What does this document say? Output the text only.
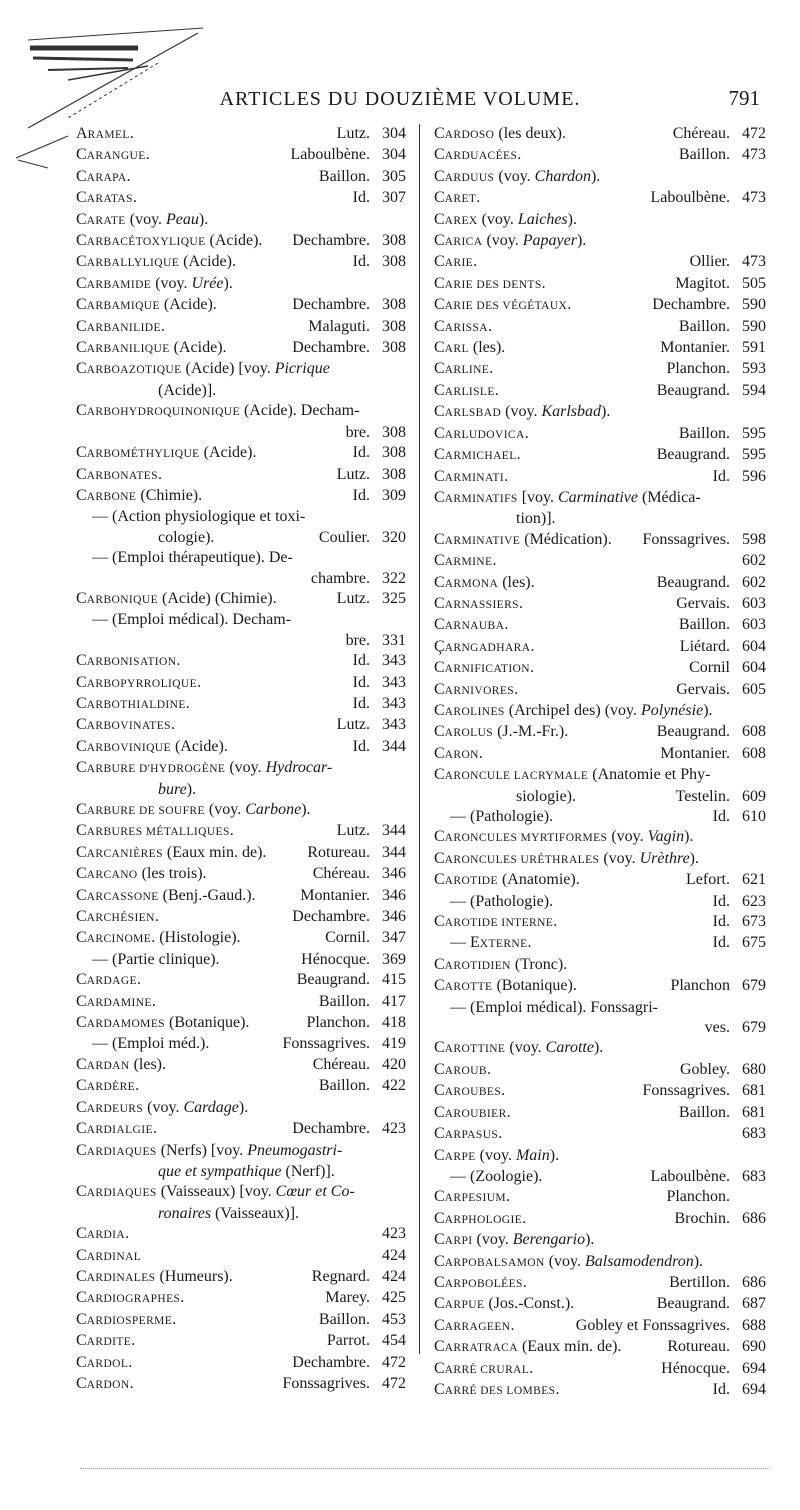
ARTICLES DU DOUZIÈME VOLUME.	791
ARAMEL.	Lutz. 304
CARANGUE.	Laboulbène. 304
CARAPA.	Baillon. 305
CARATAS.	Id. 307
CARATE (voy. Peau).
CARBACÉTOXYLIQUE (Acide).	Dechambre. 308
CARBALLYLIQUE (Acide).	Id. 308
CARBAMIDE (voy. Urée).
CARBAMIQUE (Acide).	Dechambre. 308
CARBANILIDE.	Malaguti. 308
CARBANILIQUE (Acide).	Dechambre. 308
CARBOAZOTIQUE (Acide) [voy. Picrique
(Acide)].
CARBOHYDROQUINONIQUE (Acide). Decham-
bre. 308
CARBOMÉTHYLIQUE (Acide).	Id. 308
CARBONATES.	Lutz. 308
CARBONE (Chimie).	Id. 309
— (Action physiologique et toxi-
cologie).	Coulier. 320
— (Emploi thérapeutique). De-
chambre. 322
CARBONIQUE (Acide) (Chimie).	Lutz. 325
— (Emploi médical). Decham-
bre. 331
CARBONISATION.	Id. 343
CARBOPYRROLIQUE.	Id. 343
CARBOTHIALDINE.	Id. 343
CARBOVINATES.	Lutz. 343
CARBOVINIQUE (Acide).	Id. 344
CARBURE D'HYDROGÈNE (voy. Hydrocar-
bure).
CARBURE DE SOUFRE (voy. Carbone).
CARBURES MÉTALLIQUES.	Lutz. 344
CARCANIÈRES (Eaux min. de).	Rotureau. 344
CARCANO (les trois).	Chéreau. 346
CARCASSONE (Benj.-Gaud.).	Montanier. 346
CARCHÉSIEN.	Dechambre. 346
CARCINOME. (Histologie).	Cornil. 347
— (Partie clinique).	Hénocque. 369
CARDAGE.	Beaugrand. 415
CARDAMINE.	Baillon. 417
CARDAMOMES (Botanique).	Planchon. 418
— (Emploi méd.).	Fonssagrives. 419
CARDAN (les).	Chéreau. 420
CARDÈRE.	Baillon. 422
CARDEURS (voy. Cardage).
CARDIALGIE.	Dechambre. 423
CARDIAQUES (Nerfs) [voy. Pneumogastri-
que et sympathique (Nerf)].
CARDIAQUES (Vaisseaux) [voy. Cœur et Co-
ronaires (Vaisseaux)].
CARDIA.	423
CARDINAL	424
CARDINALES (Humeurs).	Regnard. 424
CARDIOGRAPHES.	Marey. 425
CARDIOSPERME.	Baillon. 453
CARDITE.	Parrot. 454
CARDOL.	Dechambre. 472
CARDON.	Fonssagrives. 472
CARDOSO (les deux).	Chéreau. 472
CARDUACÉES.	Baillon. 473
CARDUUS (voy. Chardon).
CARET.	Laboulbène. 473
CAREX (voy. Laiches).
CARICA (voy. Papayer).
CARIE.	Ollier. 473
CARIE DES DENTS.	Magitot. 505
CARIE DES VÉGÉTAUX.	Dechambre. 590
CARISSA.	Baillon. 590
CARL (les).	Montanier. 591
CARLINE.	Planchon. 593
CARLISLE.	Beaugrand. 594
CARLSBAD (voy. Karlsbad).
CARLUDOVICA.	Baillon. 595
CARMICHAEL.	Beaugrand. 595
CARMINATI.	Id. 596
CARMINATIFS [voy. Carminative (Médica-
tion)].
CARMINATIVE (Médication).	Fonssagrives. 598
CARMINE.	602
CARMONA (les).	Beaugrand. 602
CARNASSIERS.	Gervais. 603
CARNAUBA.	Baillon. 603
ÇARNGADHARA.	Liétard. 604
CARNIFICATION.	Cornil 604
CARNIVORES.	Gervais. 605
CAROLINES (Archipel des) (voy. Polynésie).
CAROLUS (J.-M.-Fr.).	Beaugrand. 608
CARON.	Montanier. 608
CARONCULE LACRYMALE (Anatomie et Phy-
siologie).	Testelin. 609
— (Pathologie).	Id. 610
CARONCULES MYRTIFORMES (voy. Vagin).
CARONCULES URÉTHRALES (voy. Urèthre).
CAROTIDE (Anatomie).	Lefort. 621
— (Pathologie).	Id. 623
CAROTIDE INTERNE.	Id. 673
— EXTERNE.	Id. 675
CAROTIDIEN (Tronc).
CAROTTE (Botanique).	Planchon 679
— (Emploi médical). Fonssagri-
ves. 679
CAROTTINE (voy. Carotte).
CAROUB.	Gobley. 680
CAROUBES.	Fonssagrives. 681
CAROUBIER.	Baillon. 681
CARPASUS.	683
CARPE (voy. Main).
— (Zoologie).	Laboulbène. 683
CARPESIUM.	Planchon.
CARPHOLOGIE.	Brochin. 686
CARPI (voy. Berengario).
CARPOBALSAMON (voy. Balsamodendron).
CARPOBOLÉES.	Bertillon. 686
CARPUE (Jos.-Const.).	Beaugrand. 687
CARRAGEEN.	Gobley et Fonssagrives. 688
CARRATRACA (Eaux min. de).	Rotureau. 690
CARRÉ CRURAL.	Hénocque. 694
CARRÉ DES LOMBES.	Id. 694
